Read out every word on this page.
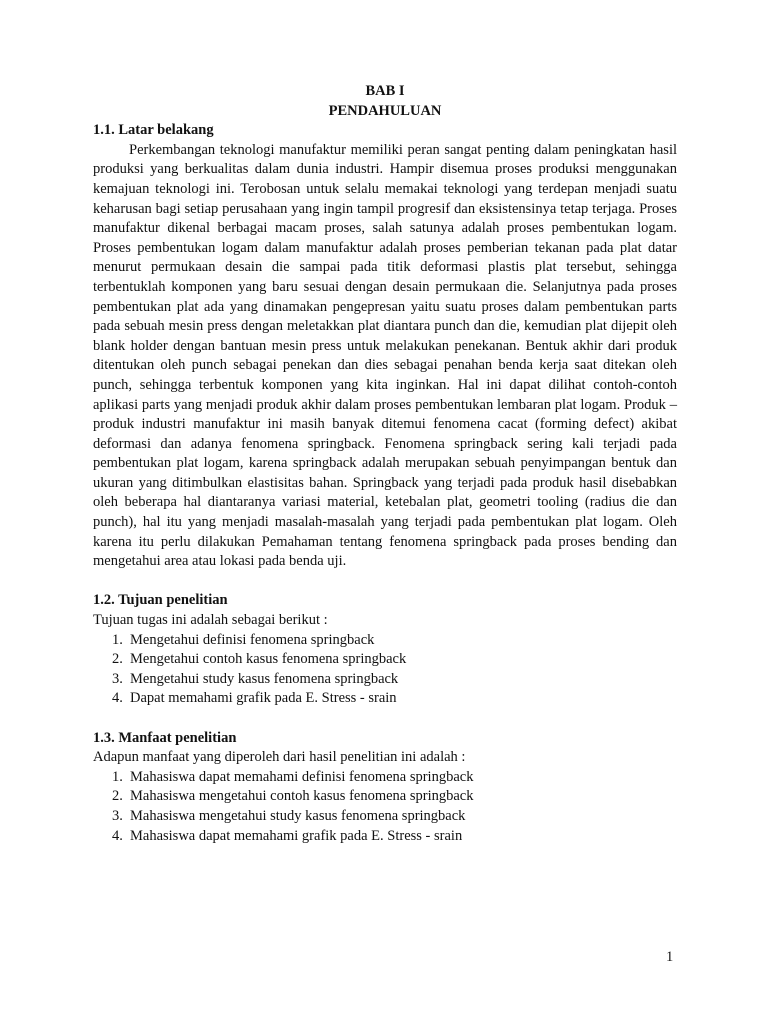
BAB I

PENDAHULUAN

1.1. Latar belakang

Perkembangan teknologi manufaktur memiliki peran sangat penting dalam peningkatan hasil produksi yang berkualitas dalam dunia industri. Hampir disemua proses produksi menggunakan kemajuan teknologi ini. Terobosan untuk selalu memakai teknologi yang terdepan menjadi suatu keharusan bagi setiap perusahaan yang ingin tampil progresif dan eksistensinya tetap terjaga. Proses manufaktur dikenal berbagai macam proses, salah satunya adalah proses pembentukan logam. Proses pembentukan logam dalam manufaktur adalah proses pemberian tekanan pada plat datar menurut permukaan desain die sampai pada titik deformasi plastis plat tersebut, sehingga terbentuklah komponen yang baru sesuai dengan desain permukaan die. Selanjutnya pada proses pembentukan plat ada yang dinamakan pengepresan yaitu suatu proses dalam pembentukan parts pada sebuah mesin press dengan meletakkan plat diantara punch dan die, kemudian plat dijepit oleh blank holder dengan bantuan mesin press untuk melakukan penekanan. Bentuk akhir dari produk ditentukan oleh punch sebagai penekan dan dies sebagai penahan benda kerja saat ditekan oleh punch, sehingga terbentuk komponen yang kita inginkan. Hal ini dapat dilihat contoh-contoh aplikasi parts yang menjadi produk akhir dalam proses pembentukan lembaran plat logam. Produk – produk industri manufaktur ini masih banyak ditemui fenomena cacat (forming defect) akibat deformasi dan adanya fenomena springback. Fenomena springback sering kali terjadi pada pembentukan plat logam, karena springback adalah merupakan sebuah penyimpangan bentuk dan ukuran yang ditimbulkan elastisitas bahan. Springback yang terjadi pada produk hasil disebabkan oleh beberapa hal diantaranya variasi material, ketebalan plat, geometri tooling (radius die dan punch), hal itu yang menjadi masalah-masalah yang terjadi pada pembentukan plat logam. Oleh karena itu perlu dilakukan Pemahaman tentang fenomena springback pada proses bending dan mengetahui area atau lokasi pada benda uji.

1.2. Tujuan penelitian

Tujuan tugas ini adalah sebagai berikut :

1. Mengetahui definisi fenomena springback
2. Mengetahui contoh kasus fenomena springback
3. Mengetahui study kasus fenomena springback
4. Dapat memahami grafik pada E. Stress - srain
1.3. Manfaat penelitian

Adapun manfaat yang diperoleh dari hasil penelitian ini adalah :

1. Mahasiswa dapat memahami definisi fenomena springback
2. Mahasiswa mengetahui contoh kasus fenomena springback
3. Mahasiswa mengetahui study kasus fenomena springback
4. Mahasiswa dapat memahami grafik pada E. Stress - srain
1
